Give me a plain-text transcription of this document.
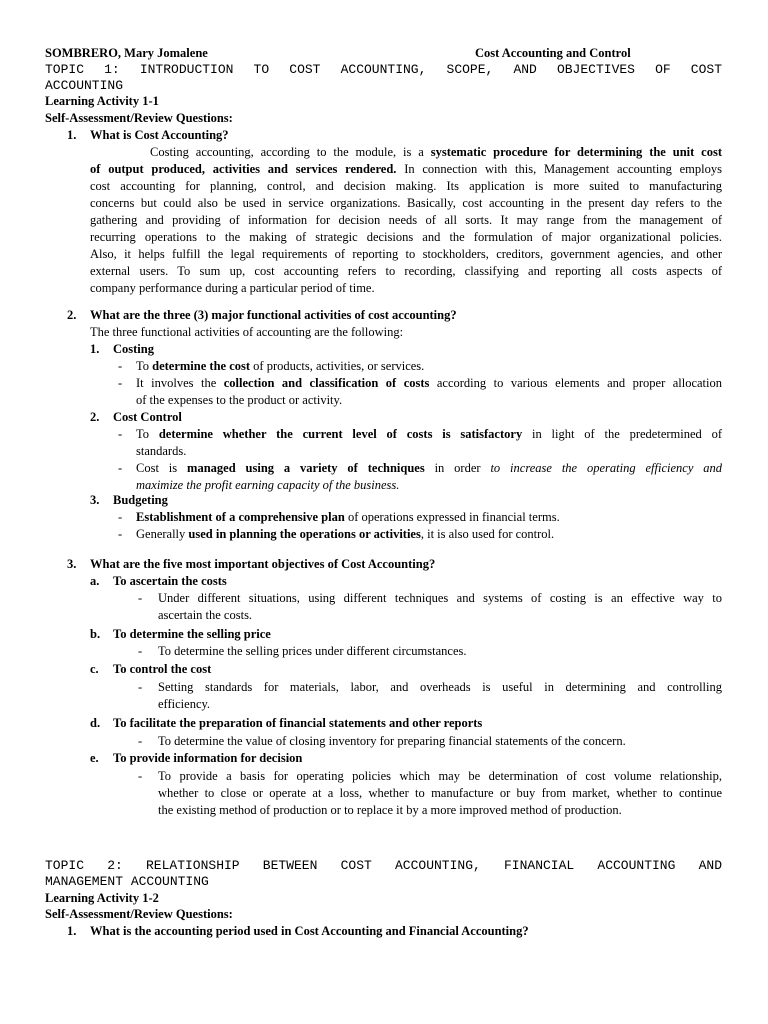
SOMBRERO, Mary Jomalene	Cost Accounting and Control
TOPIC 1: INTRODUCTION TO COST ACCOUNTING, SCOPE, AND OBJECTIVES OF COST
ACCOUNTING
Learning Activity 1-1
Self-Assessment/Review Questions:
1. What is Cost Accounting?
Costing accounting, according to the module, is a systematic procedure for determining the unit cost
of output produced, activities and services rendered. In connection with this, Management accounting employs
cost accounting for planning, control, and decision making. Its application is more suited to manufacturing
concerns but could also be used in service organizations. Basically, cost accounting in the present day refers to the
gathering and providing of information for decision needs of all sorts. It may range from the management of
recurring operations to the making of strategic decisions and the formulation of major organizational policies.
Also, it helps fulfill the legal requirements of reporting to stockholders, creditors, government agencies, and other
external users. To sum up, cost accounting refers to recording, classifying and reporting all costs aspects of
company performance during a particular period of time.
2. What are the three (3) major functional activities of cost accounting?
The three functional activities of accounting are the following:
1. Costing
- To determine the cost of products, activities, or services.
- It involves the collection and classification of costs according to various elements and proper allocation
of the expenses to the product or activity.
2. Cost Control
- To determine whether the current level of costs is satisfactory in light of the predetermined of
standards.
- Cost is managed using a variety of techniques in order to increase the operating efficiency and
maximize the profit earning capacity of the business.
3. Budgeting
- Establishment of a comprehensive plan of operations expressed in financial terms.
- Generally used in planning the operations or activities, it is also used for control.
3. What are the five most important objectives of Cost Accounting?
a. To ascertain the costs
- Under different situations, using different techniques and systems of costing is an effective way to
ascertain the costs.
b. To determine the selling price
- To determine the selling prices under different circumstances.
c. To control the cost
- Setting standards for materials, labor, and overheads is useful in determining and controlling
efficiency.
d. To facilitate the preparation of financial statements and other reports
- To determine the value of closing inventory for preparing financial statements of the concern.
e. To provide information for decision
- To provide a basis for operating policies which may be determination of cost volume relationship,
whether to close or operate at a loss, whether to manufacture or buy from market, whether to continue
the existing method of production or to replace it by a more improved method of production.
TOPIC 2: RELATIONSHIP BETWEEN COST ACCOUNTING, FINANCIAL ACCOUNTING AND
MANAGEMENT ACCOUNTING
Learning Activity 1-2
Self-Assessment/Review Questions:
1. What is the accounting period used in Cost Accounting and Financial Accounting?
